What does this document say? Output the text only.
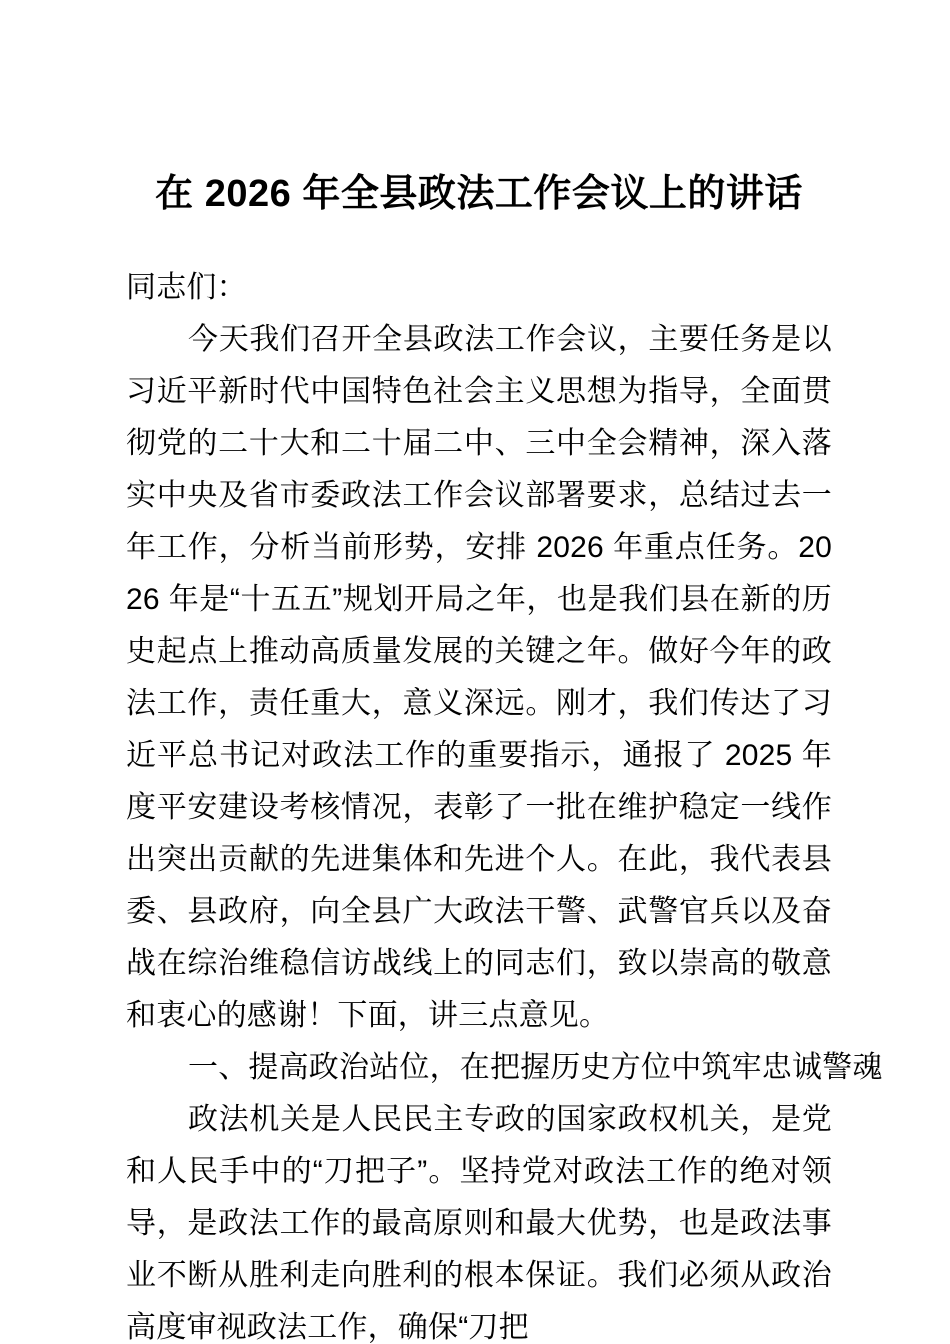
在 2026 年全县政法工作会议上的讲话

同志们：

今天我们召开全县政法工作会议，主要任务是以习近平新时代中国特色社会主义思想为指导，全面贯彻党的二十大和二十届二中、三中全会精神，深入落实中央及省市委政法工作会议部署要求，总结过去一年工作，分析当前形势，安排 2026 年重点任务。2026 年是“十五五”规划开局之年，也是我们县在新的历史起点上推动高质量发展的关键之年。做好今年的政法工作，责任重大，意义深远。刚才，我们传达了习近平总书记对政法工作的重要指示，通报了 2025 年度平安建设考核情况，表彰了一批在维护稳定一线作出突出贡献的先进集体和先进个人。在此，我代表县委、县政府，向全县广大政法干警、武警官兵以及奋战在综治维稳信访战线上的同志们，致以崇高的敬意和衷心的感谢！下面，讲三点意见。

一、提高政治站位，在把握历史方位中筑牢忠诚警魂

政法机关是人民民主专政的国家政权机关，是党和人民手中的“刀把子”。坚持党对政法工作的绝对领导，是政法工作的最高原则和最大优势，也是政法事业不断从胜利走向胜利的根本保证。我们必须从政治高度审视政法工作，确保“刀把
